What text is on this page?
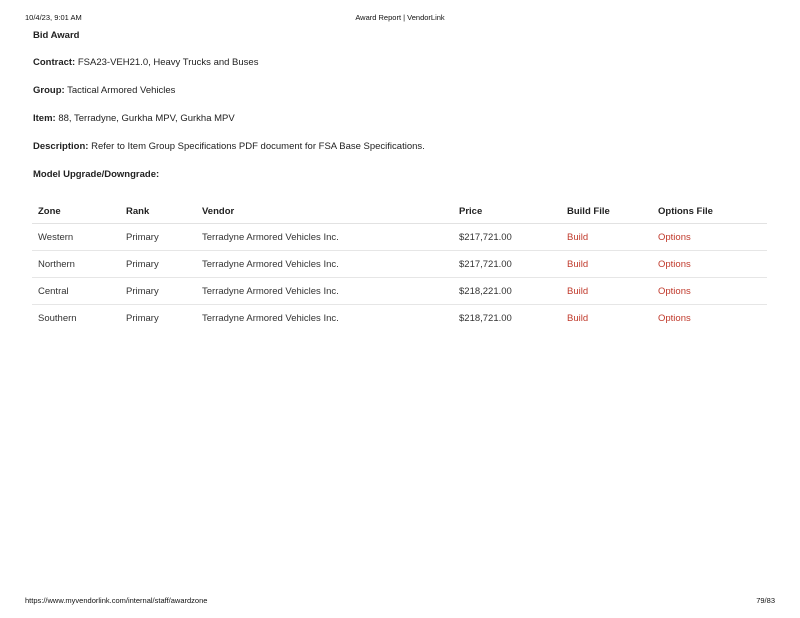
10/4/23, 9:01 AM	Award Report | VendorLink
Bid Award
Contract: FSA23-VEH21.0, Heavy Trucks and Buses
Group: Tactical Armored Vehicles
Item: 88, Terradyne, Gurkha MPV, Gurkha MPV
Description: Refer to Item Group Specifications PDF document for FSA Base Specifications.
Model Upgrade/Downgrade:
Zone	Rank	Vendor	Price	Build File	Options File
Western	Primary	Terradyne Armored Vehicles Inc.	$217,721.00	Build	Options
Northern	Primary	Terradyne Armored Vehicles Inc.	$217,721.00	Build	Options
Central	Primary	Terradyne Armored Vehicles Inc.	$218,221.00	Build	Options
Southern	Primary	Terradyne Armored Vehicles Inc.	$218,721.00	Build	Options
https://www.myvendorlink.com/internal/staff/awardzone	79/83
